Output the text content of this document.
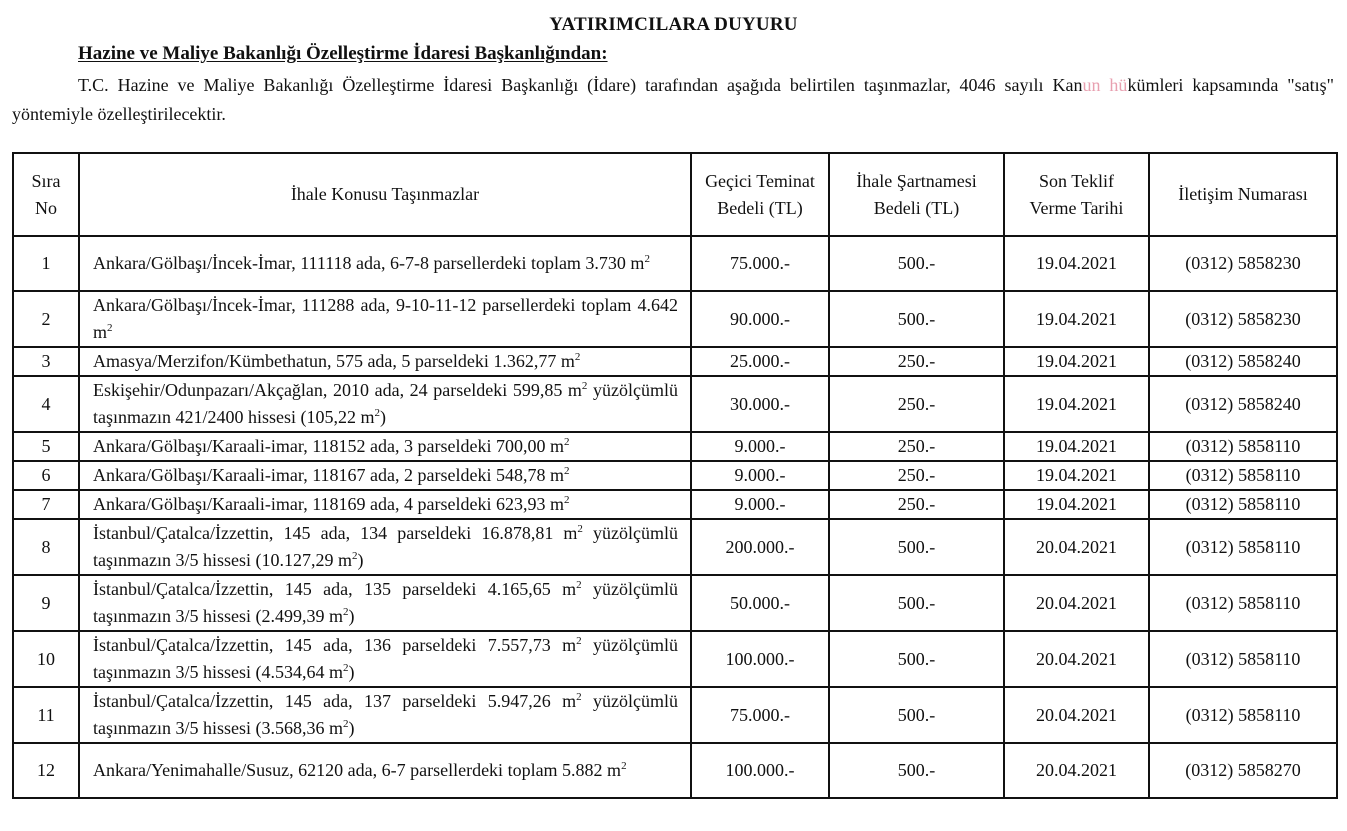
YATIRIMCILARA DUYURU
Hazine ve Maliye Bakanlığı Özelleştirme İdaresi Başkanlığından:
T.C. Hazine ve Maliye Bakanlığı Özelleştirme İdaresi Başkanlığı (İdare) tarafından aşağıda belirtilen taşınmazlar, 4046 sayılı Kanun hükümleri kapsamında "satış" yöntemiyle özelleştirilecektir.
Sıra No	İhale Konusu Taşınmazlar	Geçici Teminat Bedeli (TL)	İhale Şartnamesi Bedeli (TL)	Son Teklif Verme Tarihi	İletişim Numarası
1	Ankara/Gölbaşı/İncek-İmar, 111118 ada, 6-7-8 parsellerdeki toplam 3.730 $m^2$	75.000.-	500.-	19.04.2021	(0312) 5858230
2	Ankara/Gölbaşı/İncek-İmar, 111288 ada, 9-10-11-12 parsellerdeki toplam 4.642 $m^2$	90.000.-	500.-	19.04.2021	(0312) 5858230
3	Amasya/Merzifon/Kümbethatun, 575 ada, 5 parseldeki 1.362,77 $m^2$	25.000.-	250.-	19.04.2021	(0312) 5858240
4	Eskişehir/Odunpazarı/Akçağlan, 2010 ada, 24 parseldeki 599,85 $m^2$ yüzölçümlü taşınmazın 421/2400 hissesi (105,22 $m^2$)	30.000.-	250.-	19.04.2021	(0312) 5858240
5	Ankara/Gölbaşı/Karaali-imar, 118152 ada, 3 parseldeki 700,00 $m^2$	9.000.-	250.-	19.04.2021	(0312) 5858110
6	Ankara/Gölbaşı/Karaali-imar, 118167 ada, 2 parseldeki 548,78 $m^2$	9.000.-	250.-	19.04.2021	(0312) 5858110
7	Ankara/Gölbaşı/Karaali-imar, 118169 ada, 4 parseldeki 623,93 $m^2$	9.000.-	250.-	19.04.2021	(0312) 5858110
8	İstanbul/Çatalca/İzzettin, 145 ada, 134 parseldeki 16.878,81 $m^2$ yüzölçümlü taşınmazın 3/5 hissesi (10.127,29 $m^2$)	200.000.-	500.-	20.04.2021	(0312) 5858110
9	İstanbul/Çatalca/İzzettin, 145 ada, 135 parseldeki 4.165,65 $m^2$ yüzölçümlü taşınmazın 3/5 hissesi (2.499,39 $m^2$)	50.000.-	500.-	20.04.2021	(0312) 5858110
10	İstanbul/Çatalca/İzzettin, 145 ada, 136 parseldeki 7.557,73 $m^2$ yüzölçümlü taşınmazın 3/5 hissesi (4.534,64 $m^2$)	100.000.-	500.-	20.04.2021	(0312) 5858110
11	İstanbul/Çatalca/İzzettin, 145 ada, 137 parseldeki 5.947,26 $m^2$ yüzölçümlü taşınmazın 3/5 hissesi (3.568,36 $m^2$)	75.000.-	500.-	20.04.2021	(0312) 5858110
12	Ankara/Yenimahalle/Susuz, 62120 ada, 6-7 parsellerdeki toplam 5.882 $m^2$	100.000.-	500.-	20.04.2021	(0312) 5858270
